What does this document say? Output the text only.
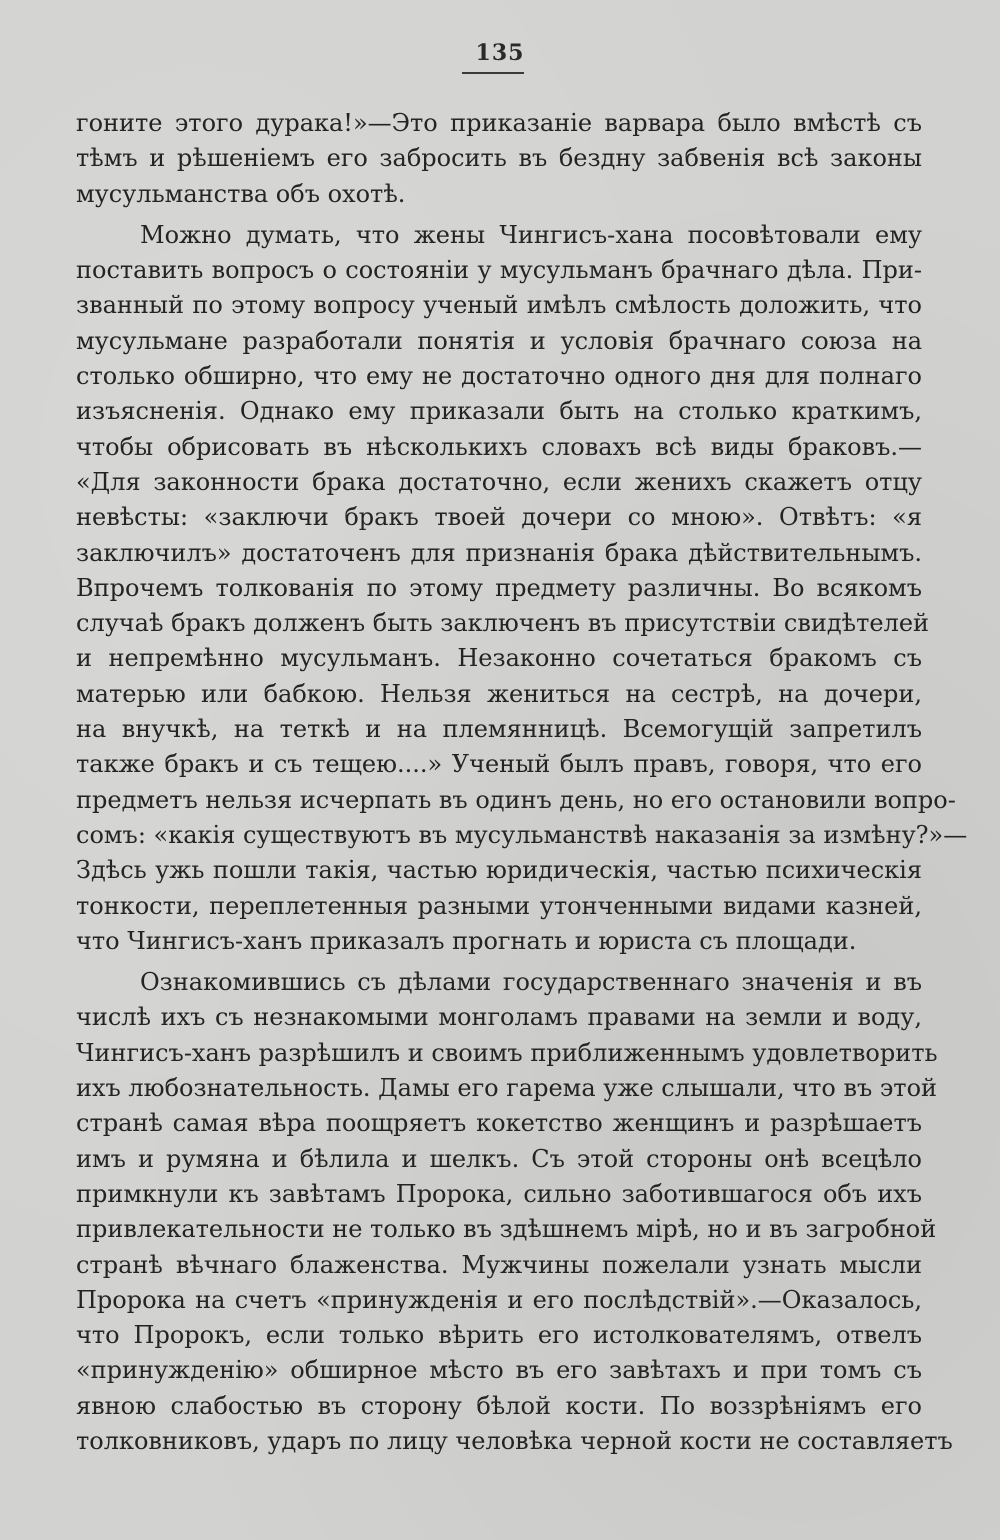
135
гоните этого дурака!»—Это приказаніе варвара было вмѣстѣ съ
тѣмъ и рѣшеніемъ его забросить въ бездну забвенія всѣ законы
мусульманства объ охотѣ.
Можно думать, что жены Чингисъ-хана посовѣтовали ему
поставить вопросъ о состояніи у мусульманъ брачнаго дѣла. При-
званный по этому вопросу ученый имѣлъ смѣлость доложить, что
мусульмане разработали понятія и условія брачнаго союза на
столько обширно, что ему не достаточно одного дня для полнаго
изъясненія. Однако ему приказали быть на столько краткимъ,
чтобы обрисовать въ нѣсколькихъ словахъ всѣ виды браковъ.—
«Для законности брака достаточно, если женихъ скажетъ отцу
невѣсты: «заключи бракъ твоей дочери со мною». Отвѣтъ: «я
заключилъ» достаточенъ для признанія брака дѣйствительнымъ.
Впрочемъ толкованія по этому предмету различны. Во всякомъ
случаѣ бракъ долженъ быть заключенъ въ присутствіи свидѣтелей
и непремѣнно мусульманъ. Незаконно сочетаться бракомъ съ
матерью или бабкою. Нельзя жениться на сестрѣ, на дочери,
на внучкѣ, на теткѣ и на племянницѣ. Всемогущій запретилъ
также бракъ и съ тещею....» Ученый былъ правъ, говоря, что его
предметъ нельзя исчерпать въ одинъ день, но его остановили вопро-
сомъ: «какія существуютъ въ мусульманствѣ наказанія за измѣну?»—
Здѣсь ужь пошли такія, частью юридическія, частью психическія
тонкости, переплетенныя разными утонченными видами казней,
что Чингисъ-ханъ приказалъ прогнать и юриста съ площади.
Ознакомившись съ дѣлами государственнаго значенія и въ
числѣ ихъ съ незнакомыми монголамъ правами на земли и воду,
Чингисъ-ханъ разрѣшилъ и своимъ приближеннымъ удовлетворить
ихъ любознательность. Дамы его гарема уже слышали, что въ этой
странѣ самая вѣра поощряетъ кокетство женщинъ и разрѣшаетъ
имъ и румяна и бѣлила и шелкъ. Съ этой стороны онѣ всецѣло
примкнули къ завѣтамъ Пророка, сильно заботившагося объ ихъ
привлекательности не только въ здѣшнемъ мірѣ, но и въ загробной
странѣ вѣчнаго блаженства. Мужчины пожелали узнать мысли
Пророка на счетъ «принужденія и его послѣдствій».—Оказалось,
что Пророкъ, если только вѣрить его истолкователямъ, отвелъ
«принужденію» обширное мѣсто въ его завѣтахъ и при томъ съ
явною слабостью въ сторону бѣлой кости. По воззрѣніямъ его
толковниковъ, ударъ по лицу человѣка черной кости не составляетъ
